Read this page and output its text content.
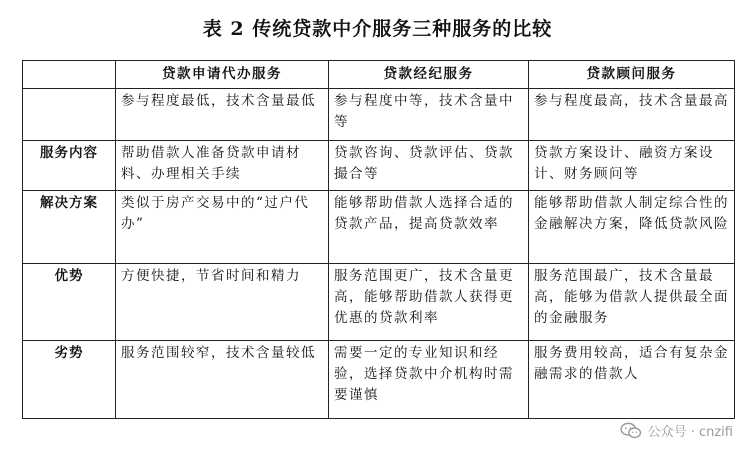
表 2 传统贷款中介服务三种服务的比较
	贷款申请代办服务	贷款经纪服务	贷款顾问服务
	参与程度最低，技术含量最低	参与程度中等，技术含量中等	参与程度最高，技术含量最高
服务内容	帮助借款人准备贷款申请材料、办理相关手续	贷款咨询、贷款评估、贷款撮合等	贷款方案设计、融资方案设计、财务顾问等
解决方案	类似于房产交易中的“过户代办”	能够帮助借款人选择合适的贷款产品，提高贷款效率	能够帮助借款人制定综合性的金融解决方案，降低贷款风险
优势	方便快捷，节省时间和精力	服务范围更广，技术含量更高，能够帮助借款人获得更优惠的贷款利率	服务范围最广，技术含量最高，能够为借款人提供最全面的金融服务
劣势	服务范围较窄，技术含量较低	需要一定的专业知识和经验，选择贷款中介机构时需要谨慎	服务费用较高，适合有复杂金融需求的借款人
公众号 · cnzifi
